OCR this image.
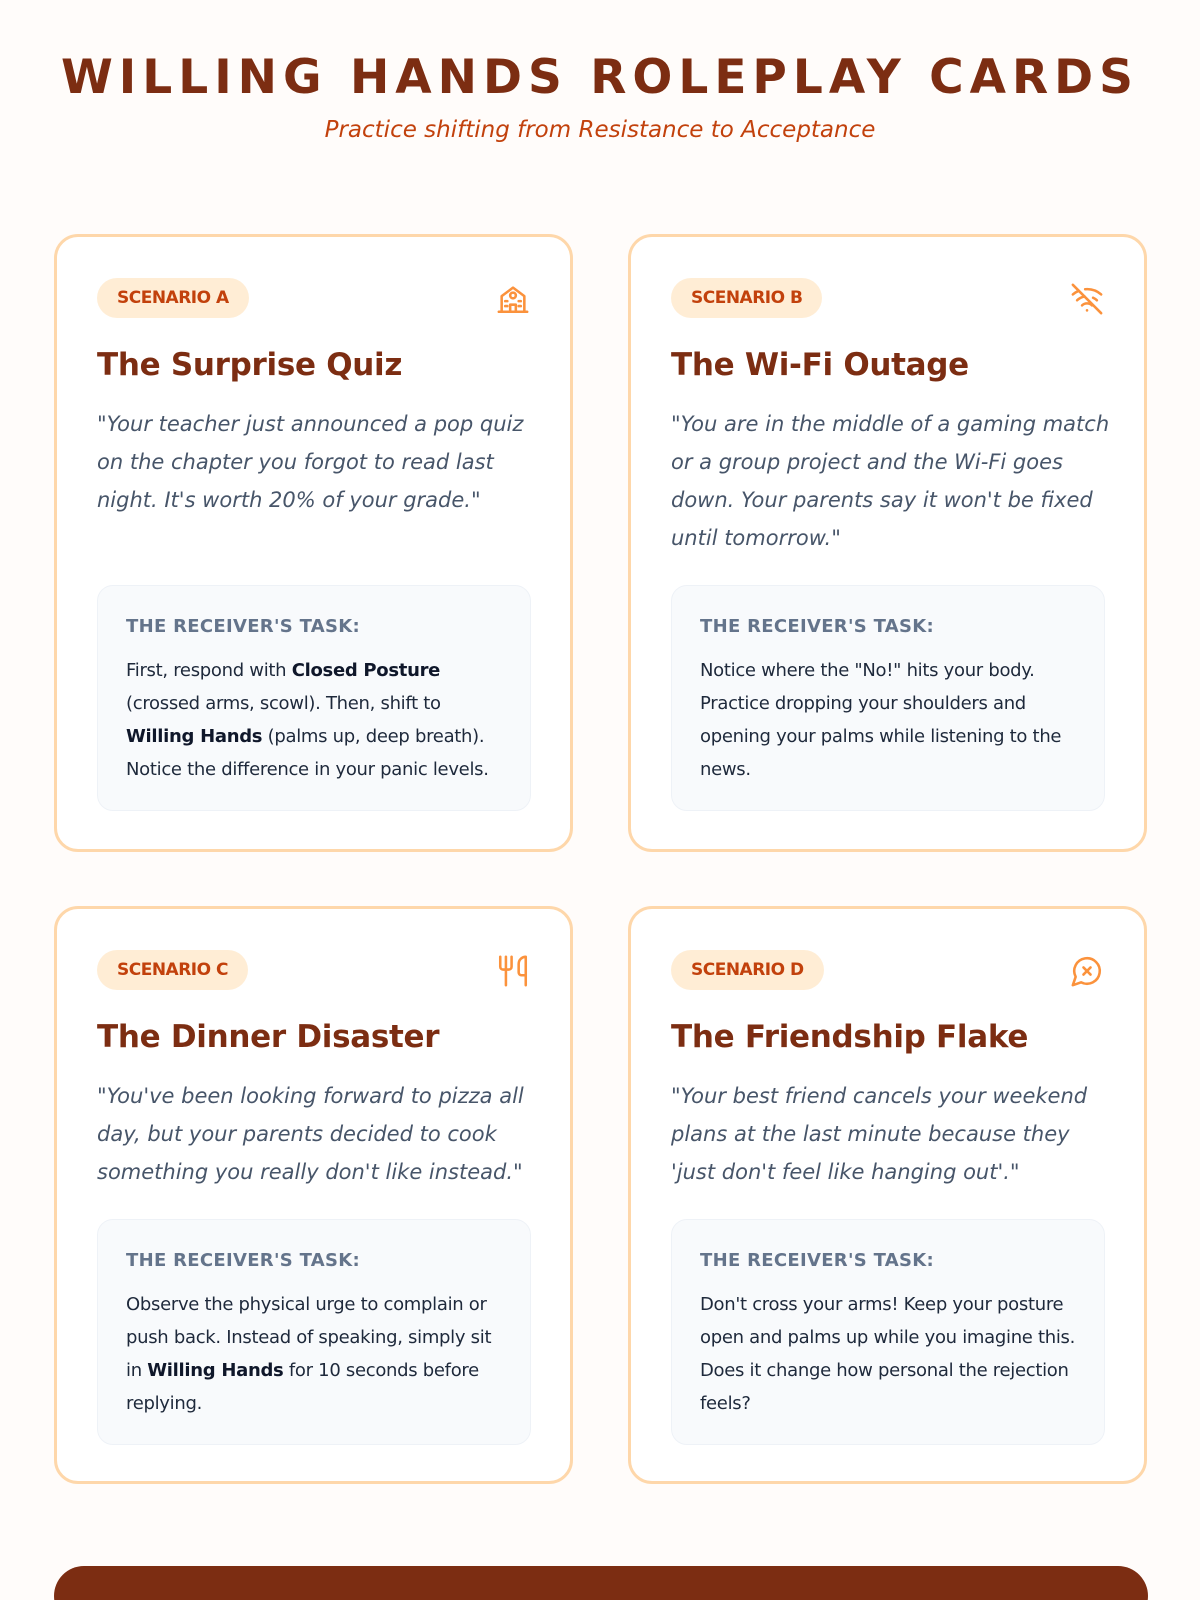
WILLING HANDS ROLEPLAY CARDS

Practice shifting from Resistance to Acceptance

SCENARIO A
The Surprise Quiz

"Your teacher just announced a pop quiz on the chapter you forgot to read last night. It's worth 20% of your grade."

THE RECEIVER'S TASK:
First, respond with Closed Posture (crossed arms, scowl). Then, shift to Willing Hands (palms up, deep breath). Notice the difference in your panic levels.
SCENARIO B
The Wi-Fi Outage

"You are in the middle of a gaming match or a group project and the Wi-Fi goes down. Your parents say it won't be fixed until tomorrow."

THE RECEIVER'S TASK:
Notice where the "No!" hits your body. Practice dropping your shoulders and opening your palms while listening to the news.
SCENARIO C
The Dinner Disaster

"You've been looking forward to pizza all day, but your parents decided to cook something you really don't like instead."

THE RECEIVER'S TASK:
Observe the physical urge to complain or push back. Instead of speaking, simply sit in Willing Hands for 10 seconds before replying.
SCENARIO D
The Friendship Flake

"Your best friend cancels your weekend plans at the last minute because they 'just don't feel like hanging out'."

THE RECEIVER'S TASK:
Don't cross your arms! Keep your posture open and palms up while you imagine this. Does it change how personal the rejection feels?
